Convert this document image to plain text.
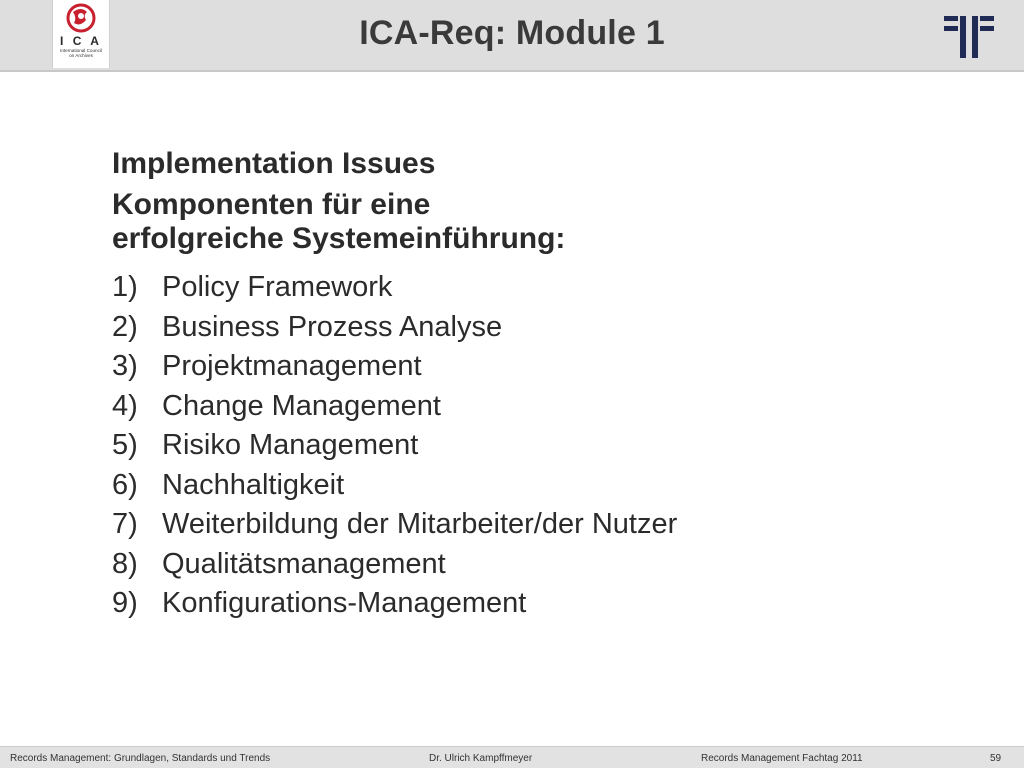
I C A
International Council
on Archives
ICA-Req: Module 1
Implementation Issues

Komponenten für eine

erfolgreiche Systemeinführung:

1) Policy Framework
2) Business Prozess Analyse
3) Projektmanagement
4) Change Management
5) Risiko Management
6) Nachhaltigkeit
7) Weiterbildung der Mitarbeiter/der Nutzer
8) Qualitätsmanagement
9) Konfigurations-Management
Records Management: Grundlagen, Standards und Trends	Dr. Ulrich Kampffmeyer	Records Management Fachtag 2011	59
